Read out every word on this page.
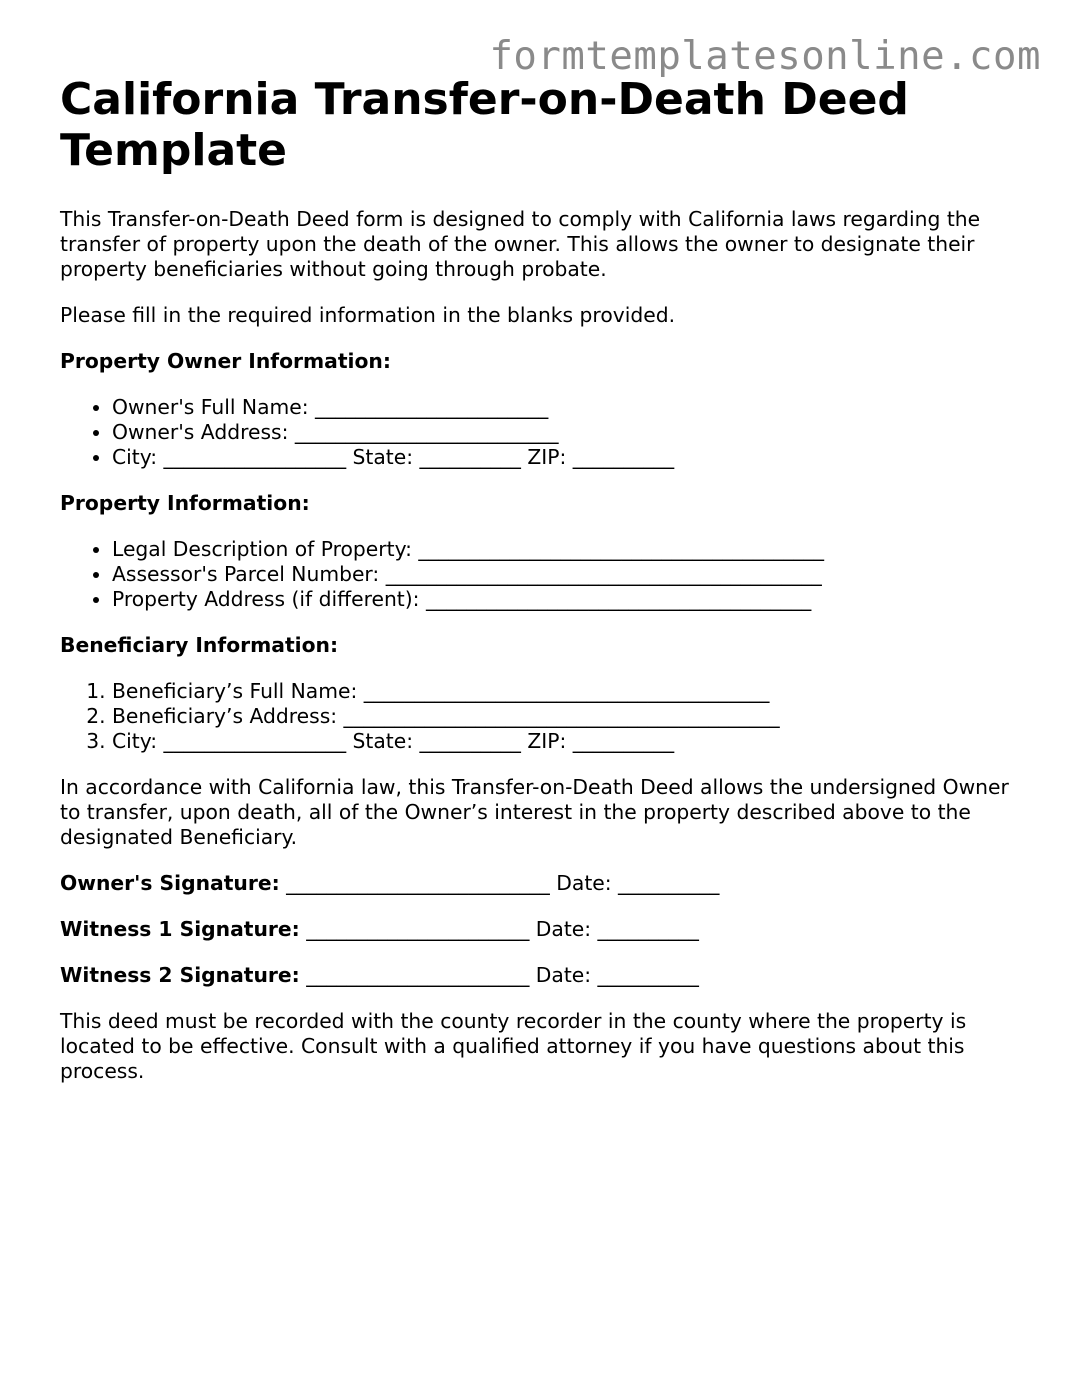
formtemplatesonline.com
California Transfer-on-Death Deed Template

This Transfer-on-Death Deed form is designed to comply with California laws regarding the transfer of property upon the death of the owner. This allows the owner to designate their property beneficiaries without going through probate.

Please fill in the required information in the blanks provided.

Property Owner Information:

• Owner's Full Name: _______________________
• Owner's Address: __________________________
• City: __________________ State: __________ ZIP: __________

Property Information:

• Legal Description of Property: ________________________________________
• Assessor's Parcel Number: ___________________________________________
• Property Address (if different): ______________________________________

Beneficiary Information:

1. Beneficiary’s Full Name: ________________________________________
2. Beneficiary’s Address: ___________________________________________
3. City: __________________ State: __________ ZIP: __________

In accordance with California law, this Transfer-on-Death Deed allows the undersigned Owner to transfer, upon death, all of the Owner’s interest in the property described above to the designated Beneficiary.

Owner's Signature: __________________________ Date: __________

Witness 1 Signature: ______________________ Date: __________

Witness 2 Signature: ______________________ Date: __________

This deed must be recorded with the county recorder in the county where the property is located to be effective. Consult with a qualified attorney if you have questions about this process.
